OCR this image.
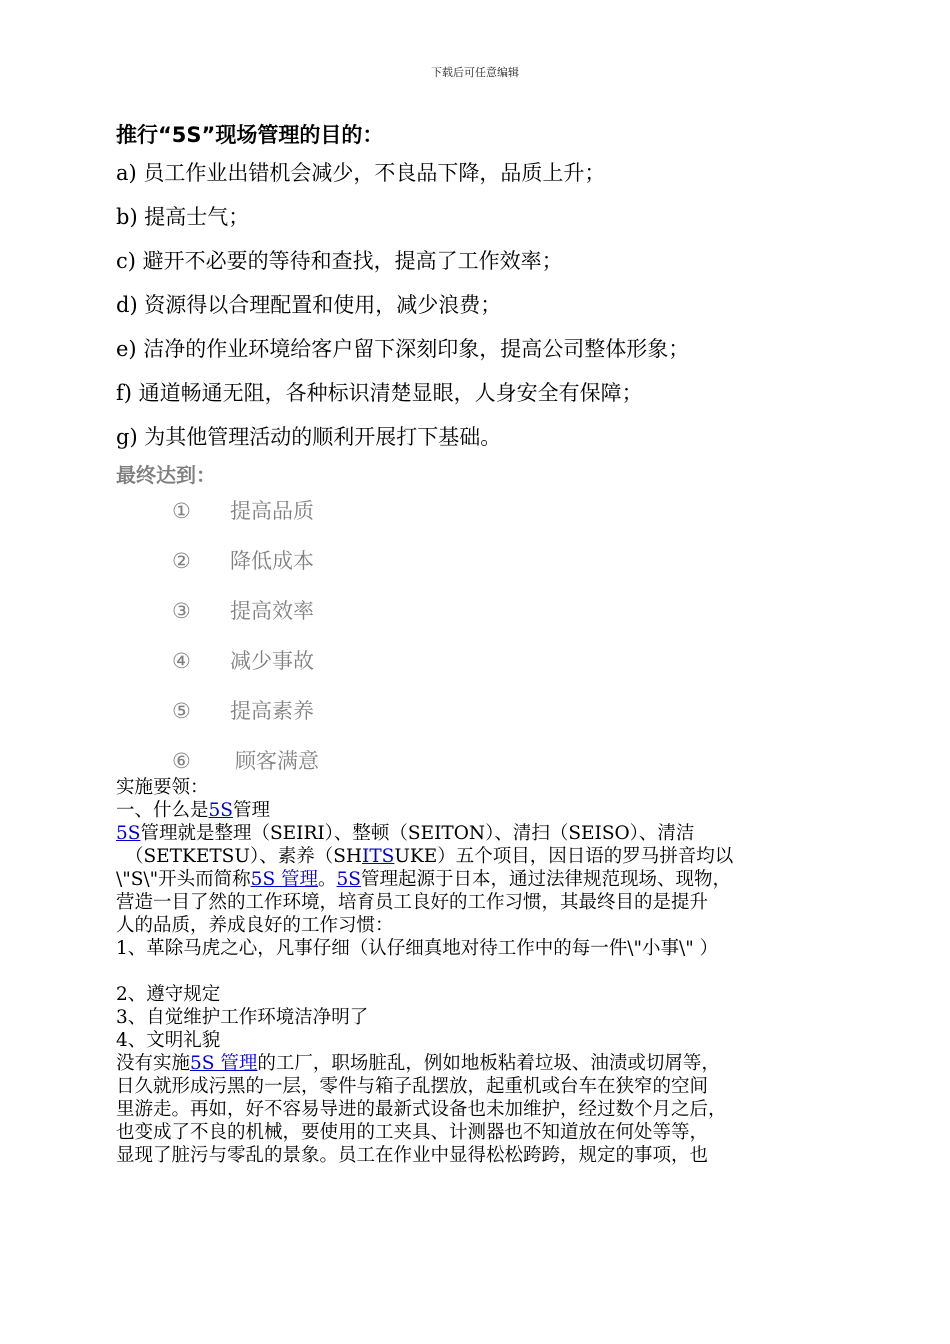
下载后可任意编辑
推行“5S”现场管理的目的：

a) 员工作业出错机会减少，不良品下降，品质上升；

b) 提高士气；

c) 避开不必要的等待和查找，提高了工作效率；

d) 资源得以合理配置和使用，减少浪费；

e) 洁净的作业环境给客户留下深刻印象，提高公司整体形象；

f) 通道畅通无阻，各种标识清楚显眼，人身安全有保障；

g) 为其他管理活动的顺利开展打下基础。

最终达到：
① 提高品质
② 降低成本
③ 提高效率
④ 减少事故
⑤ 提高素养
⑥ 顾客满意

实施要领：

一、什么是5S管理

5S管理就是整理（SEIRI）、整顿（SEITON）、清扫（SEISO）、清洁

（SETKETSU）、素养（SHITSUKE）五个项目，因日语的罗马拼音均以

\"S\"开头而简称5S 管理。5S管理起源于日本，通过法律规范现场、现物，

营造一目了然的工作环境，培育员工良好的工作习惯，其最终目的是提升

人的品质，养成良好的工作习惯：

1、革除马虎之心，凡事仔细（认仔细真地对待工作中的每一件\"小事\" ）

2、遵守规定

3、自觉维护工作环境洁净明了

4、文明礼貌

没有实施5S 管理的工厂，职场脏乱，例如地板粘着垃圾、油渍或切屑等，

日久就形成污黑的一层，零件与箱子乱摆放，起重机或台车在狭窄的空间

里游走。再如，好不容易导进的最新式设备也未加维护，经过数个月之后，

也变成了不良的机械，要使用的工夹具、计测器也不知道放在何处等等，

显现了脏污与零乱的景象。员工在作业中显得松松跨跨，规定的事项，也
